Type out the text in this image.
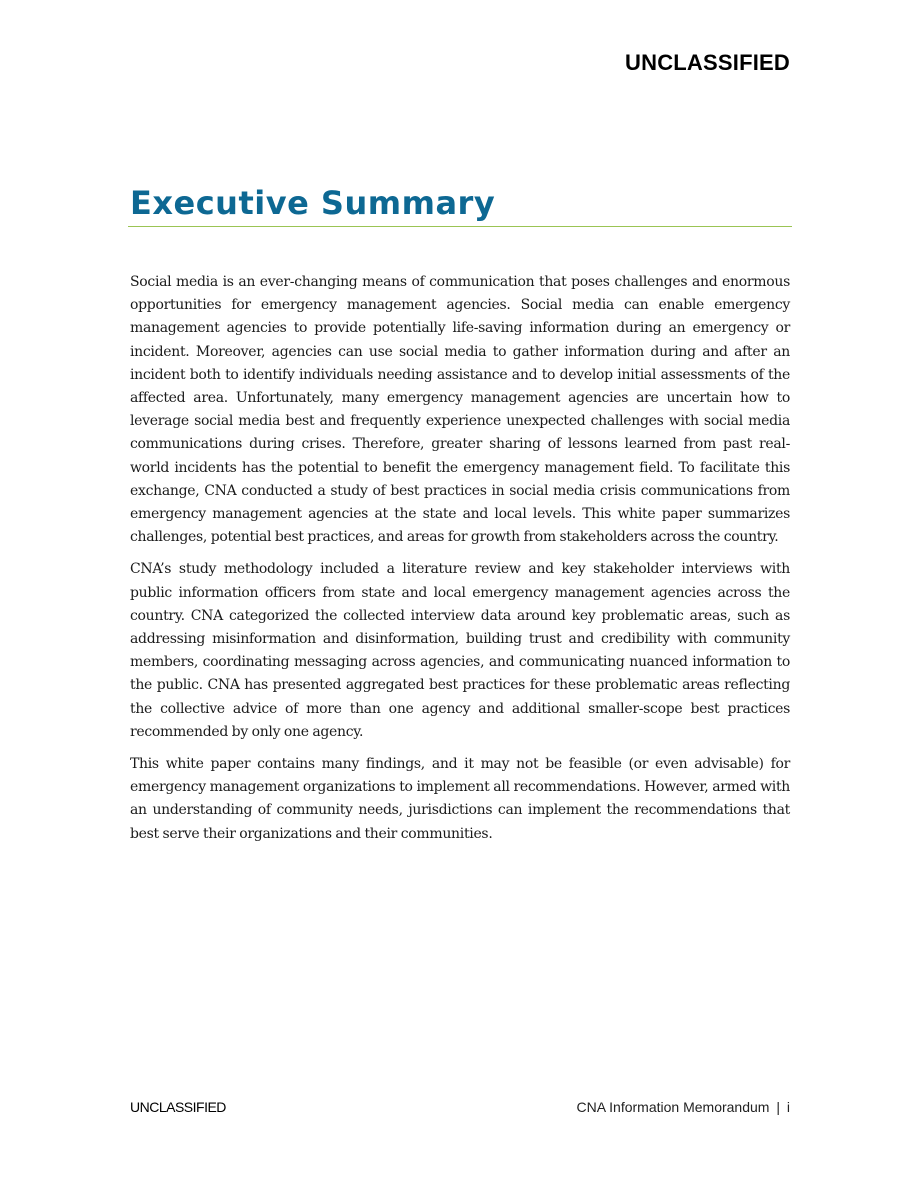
UNCLASSIFIED
Executive Summary

Social media is an ever-changing means of communication that poses challenges and enormous opportunities for emergency management agencies. Social media can enable emergency management agencies to provide potentially life-saving information during an emergency or incident. Moreover, agencies can use social media to gather information during and after an incident both to identify individuals needing assistance and to develop initial assessments of the affected area. Unfortunately, many emergency management agencies are uncertain how to leverage social media best and frequently experience unexpected challenges with social media communications during crises. Therefore, greater sharing of lessons learned from past real-world incidents has the potential to benefit the emergency management field. To facilitate this exchange, CNA conducted a study of best practices in social media crisis communications from emergency management agencies at the state and local levels. This white paper summarizes challenges, potential best practices, and areas for growth from stakeholders across the country.

CNA’s study methodology included a literature review and key stakeholder interviews with public information officers from state and local emergency management agencies across the country. CNA categorized the collected interview data around key problematic areas, such as addressing misinformation and disinformation, building trust and credibility with community members, coordinating messaging across agencies, and communicating nuanced information to the public. CNA has presented aggregated best practices for these problematic areas reflecting the collective advice of more than one agency and additional smaller-scope best practices recommended by only one agency.

This white paper contains many findings, and it may not be feasible (or even advisable) for emergency management organizations to implement all recommendations. However, armed with an understanding of community needs, jurisdictions can implement the recommendations that best serve their organizations and their communities.

UNCLASSIFIED	CNA Information Memorandum | i
